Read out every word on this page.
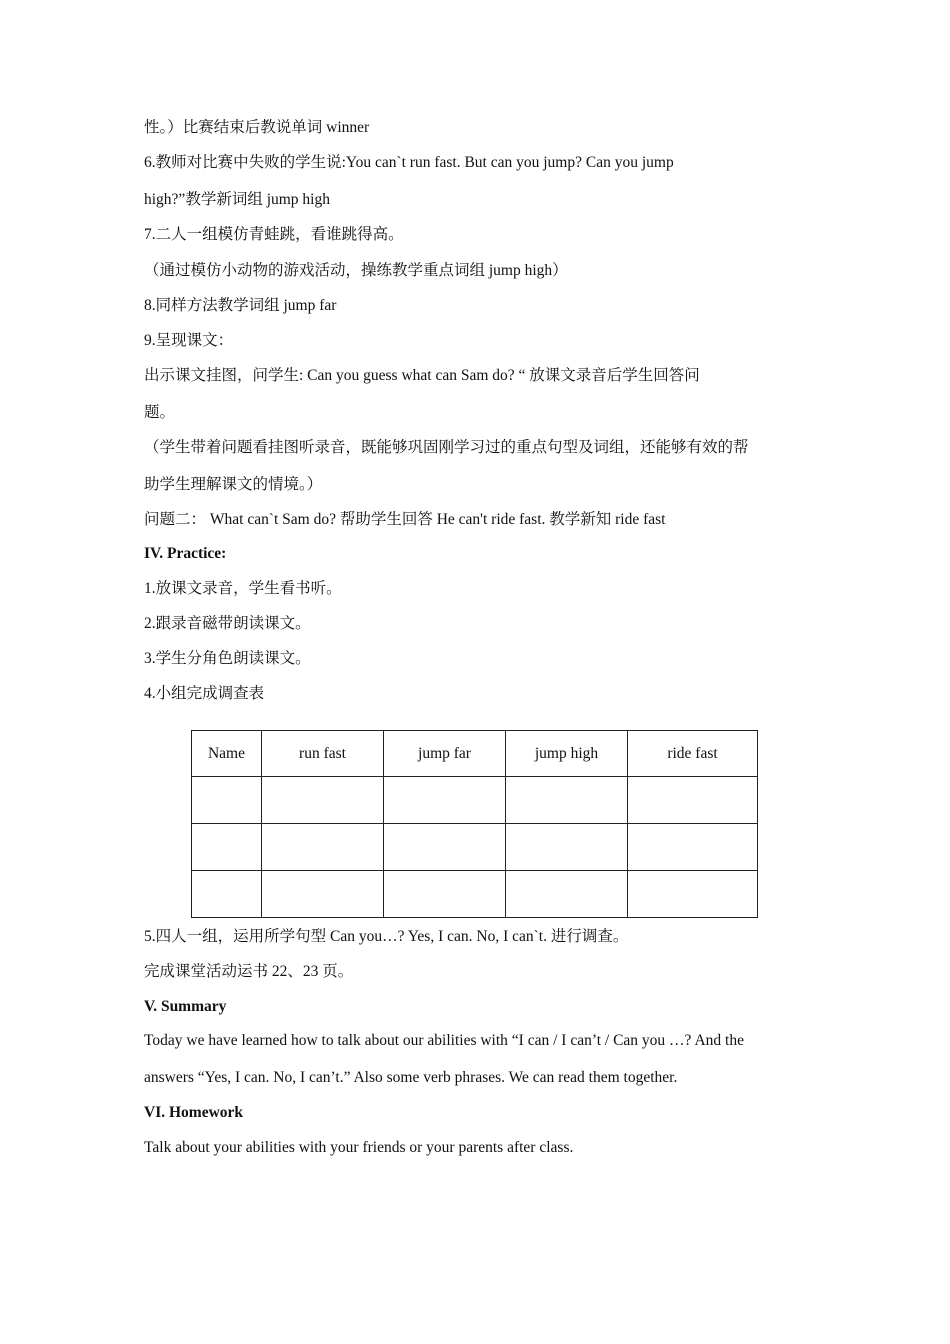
性。）比赛结束后教说单词 winner
6.教师对比赛中失败的学生说:You can`t run fast. But can you jump? Can you jump
high?”教学新词组 jump high
7.二人一组模仿青蛙跳，看谁跳得高。
（通过模仿小动物的游戏活动，操练教学重点词组 jump high）
8.同样方法教学词组 jump far
9.呈现课文：
出示课文挂图，问学生: Can you guess what can Sam do? “ 放课文录音后学生回答问
题。
（学生带着问题看挂图听录音，既能够巩固刚学习过的重点句型及词组，还能够有效的帮
助学生理解课文的情境。）
问题二： What can`t Sam do? 帮助学生回答 He can't ride fast. 教学新知 ride fast
IV. Practice:
1.放课文录音，学生看书听。
2.跟录音磁带朗读课文。
3.学生分角色朗读课文。
4.小组完成调查表
Name	run fast	jump far	jump high	ride fast

5.四人一组，运用所学句型 Can you…? Yes, I can. No, I can`t. 进行调查。
完成课堂活动运书 22、23 页。
V. Summary
Today we have learned how to talk about our abilities with “I can / I can’t / Can you …? And the
answers “Yes, I can. No, I can’t.” Also some verb phrases. We can read them together.
VI. Homework
Talk about your abilities with your friends or your parents after class.
